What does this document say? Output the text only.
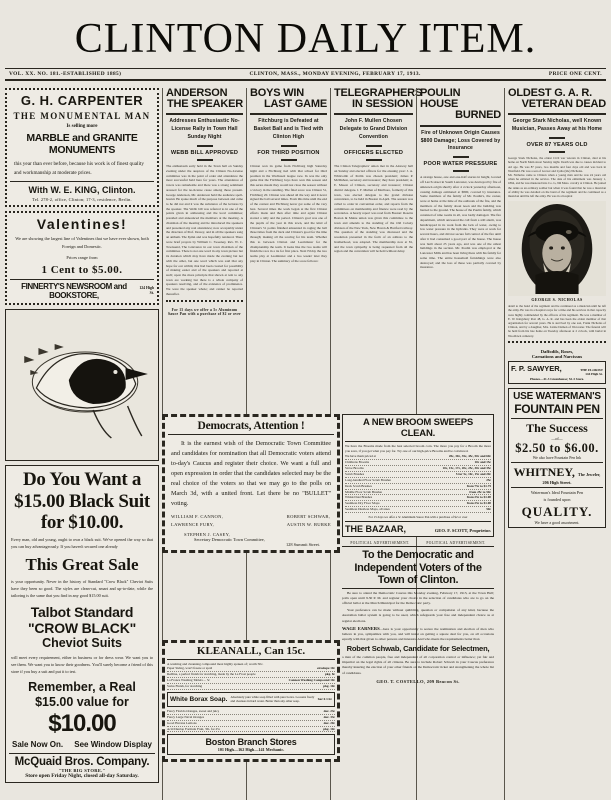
CLINTON DAILY ITEM.
VOL. XX. NO. 181. -ESTABLISHED 1885)	CLINTON, MASS., MONDAY EVENING, FEBRUARY 17, 1913.	PRICE ONE CENT.
G. H. CARPENTER
THE MONUMENTAL MAN
Is selling more
MARBLE and GRANITE MONUMENTS
this year than ever before, because his work is of finest quality and workmanship at moderate prices.
With W. E. KING, Clinton.
Tel. 278-2, office, Clinton; 17-3, residence, Berlin.
Valentines!
We are showing the largest line of Valentines that we have ever shown, both Foreign and Domestic.
Prices range from
1 Cent to $5.00.
FINNERTY'S NEWSROOM and BOOKSTORE,
124 High St.
Do You Want a
$15.00 Black Suit
for $10.00.
Every man, old and young, ought to own a black suit. We've opened the way so that you can buy advantageously. If you haven't secured one already
This Great Sale
is your opportunity. Never in the history of Standard "Crow Black" Cheviot Suits have they been so good. The styles are clean-cut, smart and up-to-date, while the tailoring is the same that you find in any good $15.00 suit.
Talbot Standard
"CROW BLACK"
Cheviot Suits
will meet every requirement, either in business or for dress wear. We want you to see them. We want you to know their goodness. You'll surely become a friend of this store if you buy a suit and put it to test.
Remember, a Real
$15.00 value for
$10.00
Sale Now On. See Window Display
McQuaid Bros. Company.
"THE BIG STORE."
Store open Friday Night, closed all-day Saturday.
ANDERSON
THE SPEAKER
Addresses Enthusiastic No-License Rally in Town Hall Sunday Night
WEBB BILL APPROVED
The enthusiasm early held in the Town hall on Sunday evening under the auspices of the Clinton No-License committee was in the point of order and attendance the most successful held here for years. The attendance of voters was remarkable and there was a strong sentiment aroused for the no-license cause among those present. George Anderson, Mr. Anderson held the audience spell-bound. He spoke much of the purpose between and came to he did not and it was the substance of the lectures by the speaker. The Webb bill was referred to in one of the points given in addressing and the local committee; presided and announced the members at the meeting. A chairman of the meeting and he introduced the speakers and presented any real attendance; now acceptably under the direction of Prof. Dewey, and in all the speakers sang an anthem. The hymn and was hopefully rendered. There were brief prayers by William C. Sweeney, Rev. W. C. Townsend, The Grievance in our town chairman of the committee. There is not one word in any town picture but its duration which may have made the evening but not with the other, but one word which was said that any hope for our within; that had been created for possibility of making easier and of the speakers and reported at such; upon the more principle that shown at tent to any town are working but there is a whole company of speakers resolving, and of the existence of prominence. We were the speaker whole; and cannot be reported thereafter.
For 15 days we offer a 5c Aluminum Sauce Pan with a purchase of $2 or over
BOYS WIN
LAST GAME
Fitchburg is Defeated at Basket Ball and is Tied with Clinton High
FOR THIRD POSITION
Clinton won its game from Fitchburg high Saturday night and a Fitchburg tied with that school for third position in the Wachusett league race. In was the only game that the Fitchburg boys have won this season and this series meant they would not close the season without a victory in the standing. The final score was Clinton 51, Fitchburg 20. Clinton was ahead all the way and it never signed the ball several times. From this time until the end of the contest and Fitchburg never got some of the very best. Several times the work began at the first Clinton efforts made and then after time and again Clinton started a rally and the period. Clinton's goal was one of the pupils of the year in this town, and the kind of Clinton's 51 points finished amounted in caging the ball three times from the deck and Clinton's good for the time through; making all the scoring for his team. Whether this to between Clinton and Leominster for the championship the team. It looks like the two teams will finish the race in a tie for first place. Next Friday the two teams play at Leominster and a two weeks' later they play in Clinton. The summary of the score follows:
TELEGRAPHERS
IN SESSION
John F. Mullen Chosen Delegate to Grand Division Convention
OFFICERS ELECTED
The Clinton Telegraphers' union met in the Attaway hall on Sunday and elected officers for the ensuing year: J. A. Whitcomb of Perlin was chosen president; James P. McMahon, secretary and treasurer; they have president; A. E. Mason of Clinton, secretary and treasurer; Clinton district delegate. J. F. Mullen of Marlboro, formerly of this town, was elected delegate to the grand division convention, to be held in Boston in April. The session was called to order in convention order, and reports from the committees on membership and finance were read by the secretaries. A hearty report was read from Boston: Rosetta Boston & Maine union was given this committee to the town and amends to the standing of the Old Colony division of the New York, New Haven & Hartford railway. The question of the standing was discussed and the resolution presented in the form of an address to the brotherhood, was adopted. The membership now at 81, and the town sympathy is being requested from all the region and the convention will be held without delay.
POULIN HOUSE
BURNED
Fire of Unknown Origin Causes $800 Damage; Loss Covered by Insurance
POOR WATER PRESSURE
A strange house, one and one-half stories in height, located off Larch street in South Lancaster, was destroyed by fire of unknown origin shortly after 4 o'clock yesterday afternoon, causing damage estimated at $800, covered by insurance. Some members of the family of Mr. Poulin's, the owner, were at home at the time of the outbreak of the fire, and the members of the family about noon and the building was burned to the ground. The house of the Poulin family, which consisted of nine rooms in all, was badly damaged. The fire department, which answered the call from a still alarm, was handicapped in its work from the lack of water, owing to low water pressure in the hydrants. They were at work for several hours, and did not secure full control of the fire until after it had consumed a good part of the house. The house was built about 25 years ago, and was one of the oldest buildings in the section. Mr. Poulin was employed at the Lancaster Mills and has been living there with his family for some time. The entire household furnishings were also destroyed; and the loss of these was partially covered by insurance.
OLDEST G. A. R.
VETERAN DEAD
George Stark Nicholas, well Known Musician, Passes Away at his Home
OVER 87 YEARS OLD
George Stark Nicholas, the oldest Civil war veteran in Clinton, died at his home on North Main street Sunday night. Death was due to causes incident to old age. He was 87 years, two months and four days old and was born in Westfield. He was a son of Grover and Lydia (Ide) Nicholas.
Mr. Nicholas came to Clinton when a young man and he was 24 years old when he enlisted in the service. The date of his enlistment was January 1, 1864, and he was mustered into Co. G, 9th Mass. cavalry at Clinton. He joined the ranks as an ordinary soldier but when it was found that he was a musician of ability he was detailed on the band of the regiment and he continued as a musician until he left the army. He was in a hospital
GEORGE S. NICHOLAS
detail to the band of the regiment and he continued as a musician until he left the army. He was in a hospital corps for a time and his services in that capacity were highly commended by the officers of his regiment. He was a member of E. W. Kingsbury Post 48, G. A. R. and has been the oldest member of that organization for several years. He is survived by one son, Frank Nicholas of Clinton, and by a daughter, Mrs. Lizzie Damon of Worcester. The funeral will be held from his late home on Tuesday afternoon at 2 o'clock, with burial in Woodlawn cemetery.
Daffodils, Roses,
Carnations and Narcissus
F. P. SAWYER,	THE FLORIST
144 High St.
Phones—41-3 Greenhouse; 52-3 Store.
USE WATERMAN'S
FOUNTAIN PEN
The Success
—of—
$2.50 to $6.00.
We also have Fountain Pen Ink
WHITNEY, The Jeweler,
206 High Street.
Waterman's Ideal Fountain Pen
is founded upon
QUALITY.
We have a good assortment.
Democrats, Attention !
It is the earnest wish of the Democratic Town Committee and candidates for nomination that all Democratic voters attend to-day's Caucus and register their choice. We want a full and open expression in order that the candidates selected may be the real choice of the voters so that we may go to the polls on March 3d, with a united front. Let there be no "BULLET" voting.
WILLIAM F. CANNON,
LAWRENCE FURY,
ROBERT SCHWAB,
AUSTIN W. BURKE
STEPHEN J. CASEY,
Secretary Democratic Town Committee,
128 Summit Street.
KLEANALL, Can 15c.
A washing and cleansing compound most highly spoken of; worth 50c.
Paper Sizing, won't freeze or spoil	envelope 10c
Redline, a perfect finish for starching, made by the La Frost people	pkg. 8c
La France Washing Tablets ... 5c	Cannon Washing Compound 10c
Swiss Finish, for starching	pkg. 10c
White Borax Soap. Absolutely pure white soap filled with pure borax. Loosens freely and cleanses in hard water. Better than any other soap.	bar 6 1/2c
Fancy Florida Oranges, sweet and juicy	doz. 23c
Fancy Large Naval Oranges	doz. 33c
Good Havana Lemons	doz. 20c
Acid Dunlop Formula Fruit, 3lb. for 25c	pkg. 10c
Boston Branch Stores
101 High—162 High—141 Mechanic.
A NEW BROOM SWEEPS CLEAN.
We have the Brooms made from the best selected broom corn. The more you pay for a Broom the more you save, if you get what you pay for. Try one of our high-price Brooms and be convinced.
We have them priced at	20c, 30c, 35c, 45c, 50c and 60c
Childrens Brooms	10c and 15c
Stove Brooms	10c, 15c, 17c, 20c, 25c, 30c and 35c
Scrub Brushes	5 for 5c, 10c, 15c and 20c
Long-handled Floor Scrub Brushes	25c
Deck Scrub Brushes	from 75c to $1.75
Middle Floor Scrub Brushes	from 25c to 50c
Whisk Dust Brushes	from 25c to $1.00
Seamless Dry Floor Mops	from 25c to $1.00
Seamless Dustless Mops, all sizes	50c
For 15 days we offer a 5c Aluminum Sauce Pan with a purchase of $2 or over
THE BAZAAR,	GEO. F. SCOTT, Proprietor.
POLITICAL ADVERTISEMENT.	POLITICAL ADVERTISEMENT.
To the Democratic and Independent Voters of the Town of Clinton.
Be sure to attend the Democratic Caucus this Monday evening, February 17, 1913, at the Town Hall; polls open until 9.30 P. M. and register your choice in the selection of candidates who are to go on the official ballot at the March Municipal for the Democratic party.
Your preference can be made without quibbling, question or compulsion of any kind, because the Australian ballot system is going to be used, which safeguards your free and independent choice as at regular elections.
WAGE EARNERS—here is your opportunity to secure the nomination and election of men who believe in you, sympathize with you, and will insist on getting a square deal for you, on all occasions equally with that given to other persons and interests. And who meets the requirements better than
Robert Schwab, Candidate for Selectmen,
a man of the common people, free and independent of all corporation control or influence; yet fair and impartial on the legal rights of all citizens. Be sure to include Robert Schwab in your Caucus preference thereby insuring the election of your other friends on the Democratic ticket and strengthening the whole list of candidates.
GEO. T. COSTELLO, 209 Beacon St.
